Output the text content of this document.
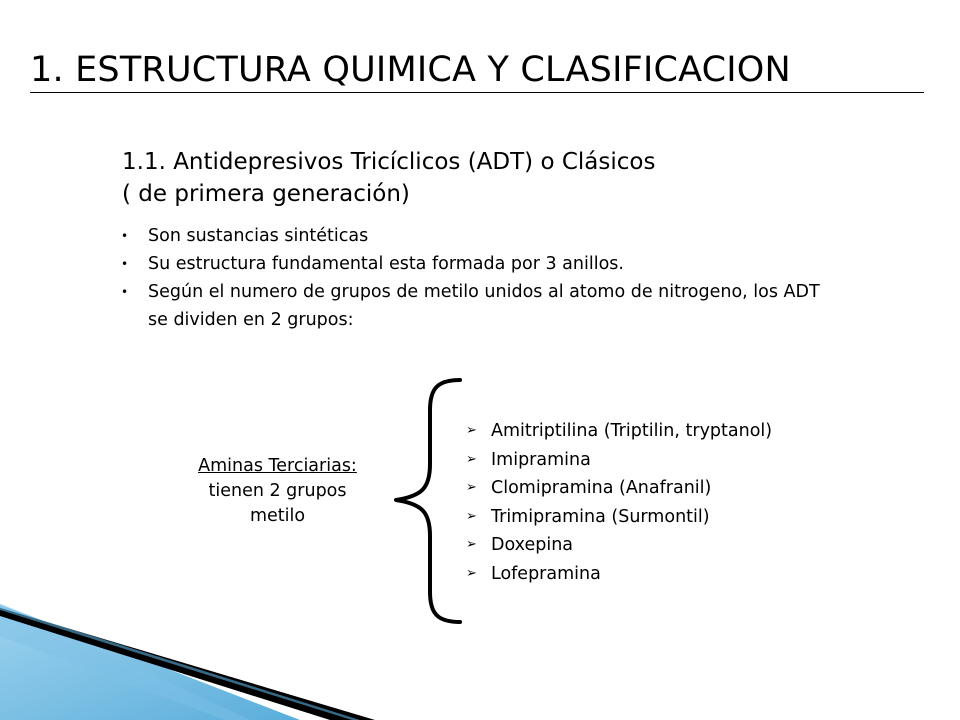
1. ESTRUCTURA QUIMICA Y CLASIFICACION
1.1. Antidepresivos Tricíclicos (ADT) o Clásicos
( de primera generación)
• Son sustancias sintéticas
• Su estructura fundamental esta formada por 3 anillos.
• Según el numero de grupos de metilo unidos al atomo de nitrogeno, los ADT se dividen en 2 grupos:
Aminas Terciarias:
tienen 2 grupos
metilo
➢ Amitriptilina (Triptilin, tryptanol)
➢ Imipramina
➢ Clomipramina (Anafranil)
➢ Trimipramina (Surmontil)
➢ Doxepina
➢ Lofepramina
